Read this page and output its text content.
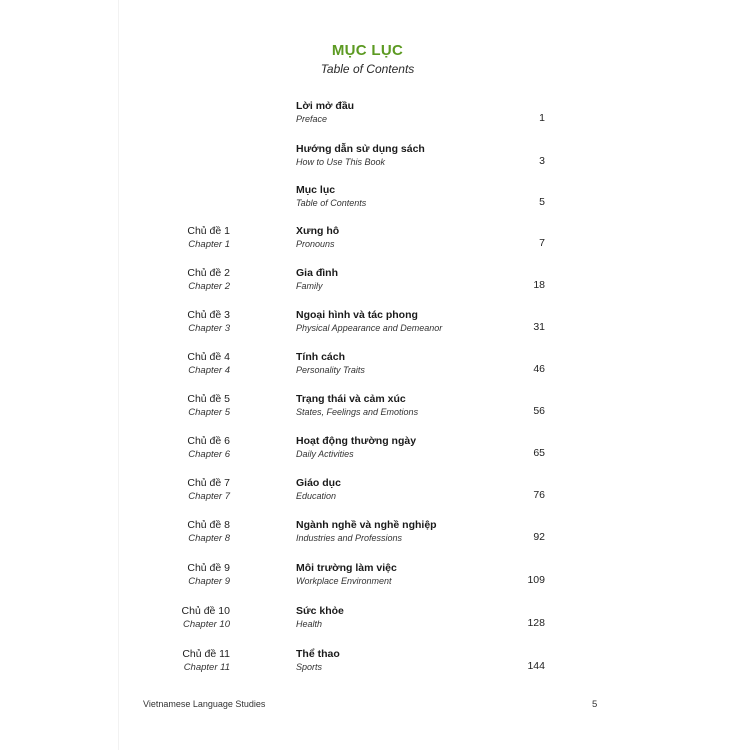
MỤC LỤC
Table of Contents
Lời mở đầu
Preface	1
Hướng dẫn sử dụng sách
How to Use This Book	3
Mục lục
Table of Contents	5
Chủ đề 1
Chapter 1
Xưng hô
Pronouns	7
Chủ đề 2
Chapter 2
Gia đình
Family	18
Chủ đề 3
Chapter 3
Ngoại hình và tác phong
Physical Appearance and Demeanor	31
Chủ đề 4
Chapter 4
Tính cách
Personality Traits	46
Chủ đề 5
Chapter 5
Trạng thái và cảm xúc
States, Feelings and Emotions	56
Chủ đề 6
Chapter 6
Hoạt động thường ngày
Daily Activities	65
Chủ đề 7
Chapter 7
Giáo dục
Education	76
Chủ đề 8
Chapter 8
Ngành nghề và nghề nghiệp
Industries and Professions	92
Chủ đề 9
Chapter 9
Môi trường làm việc
Workplace Environment	109
Chủ đề 10
Chapter 10
Sức khỏe
Health	128
Chủ đề 11
Chapter 11
Thể thao
Sports	144
Vietnamese Language Studies	5
